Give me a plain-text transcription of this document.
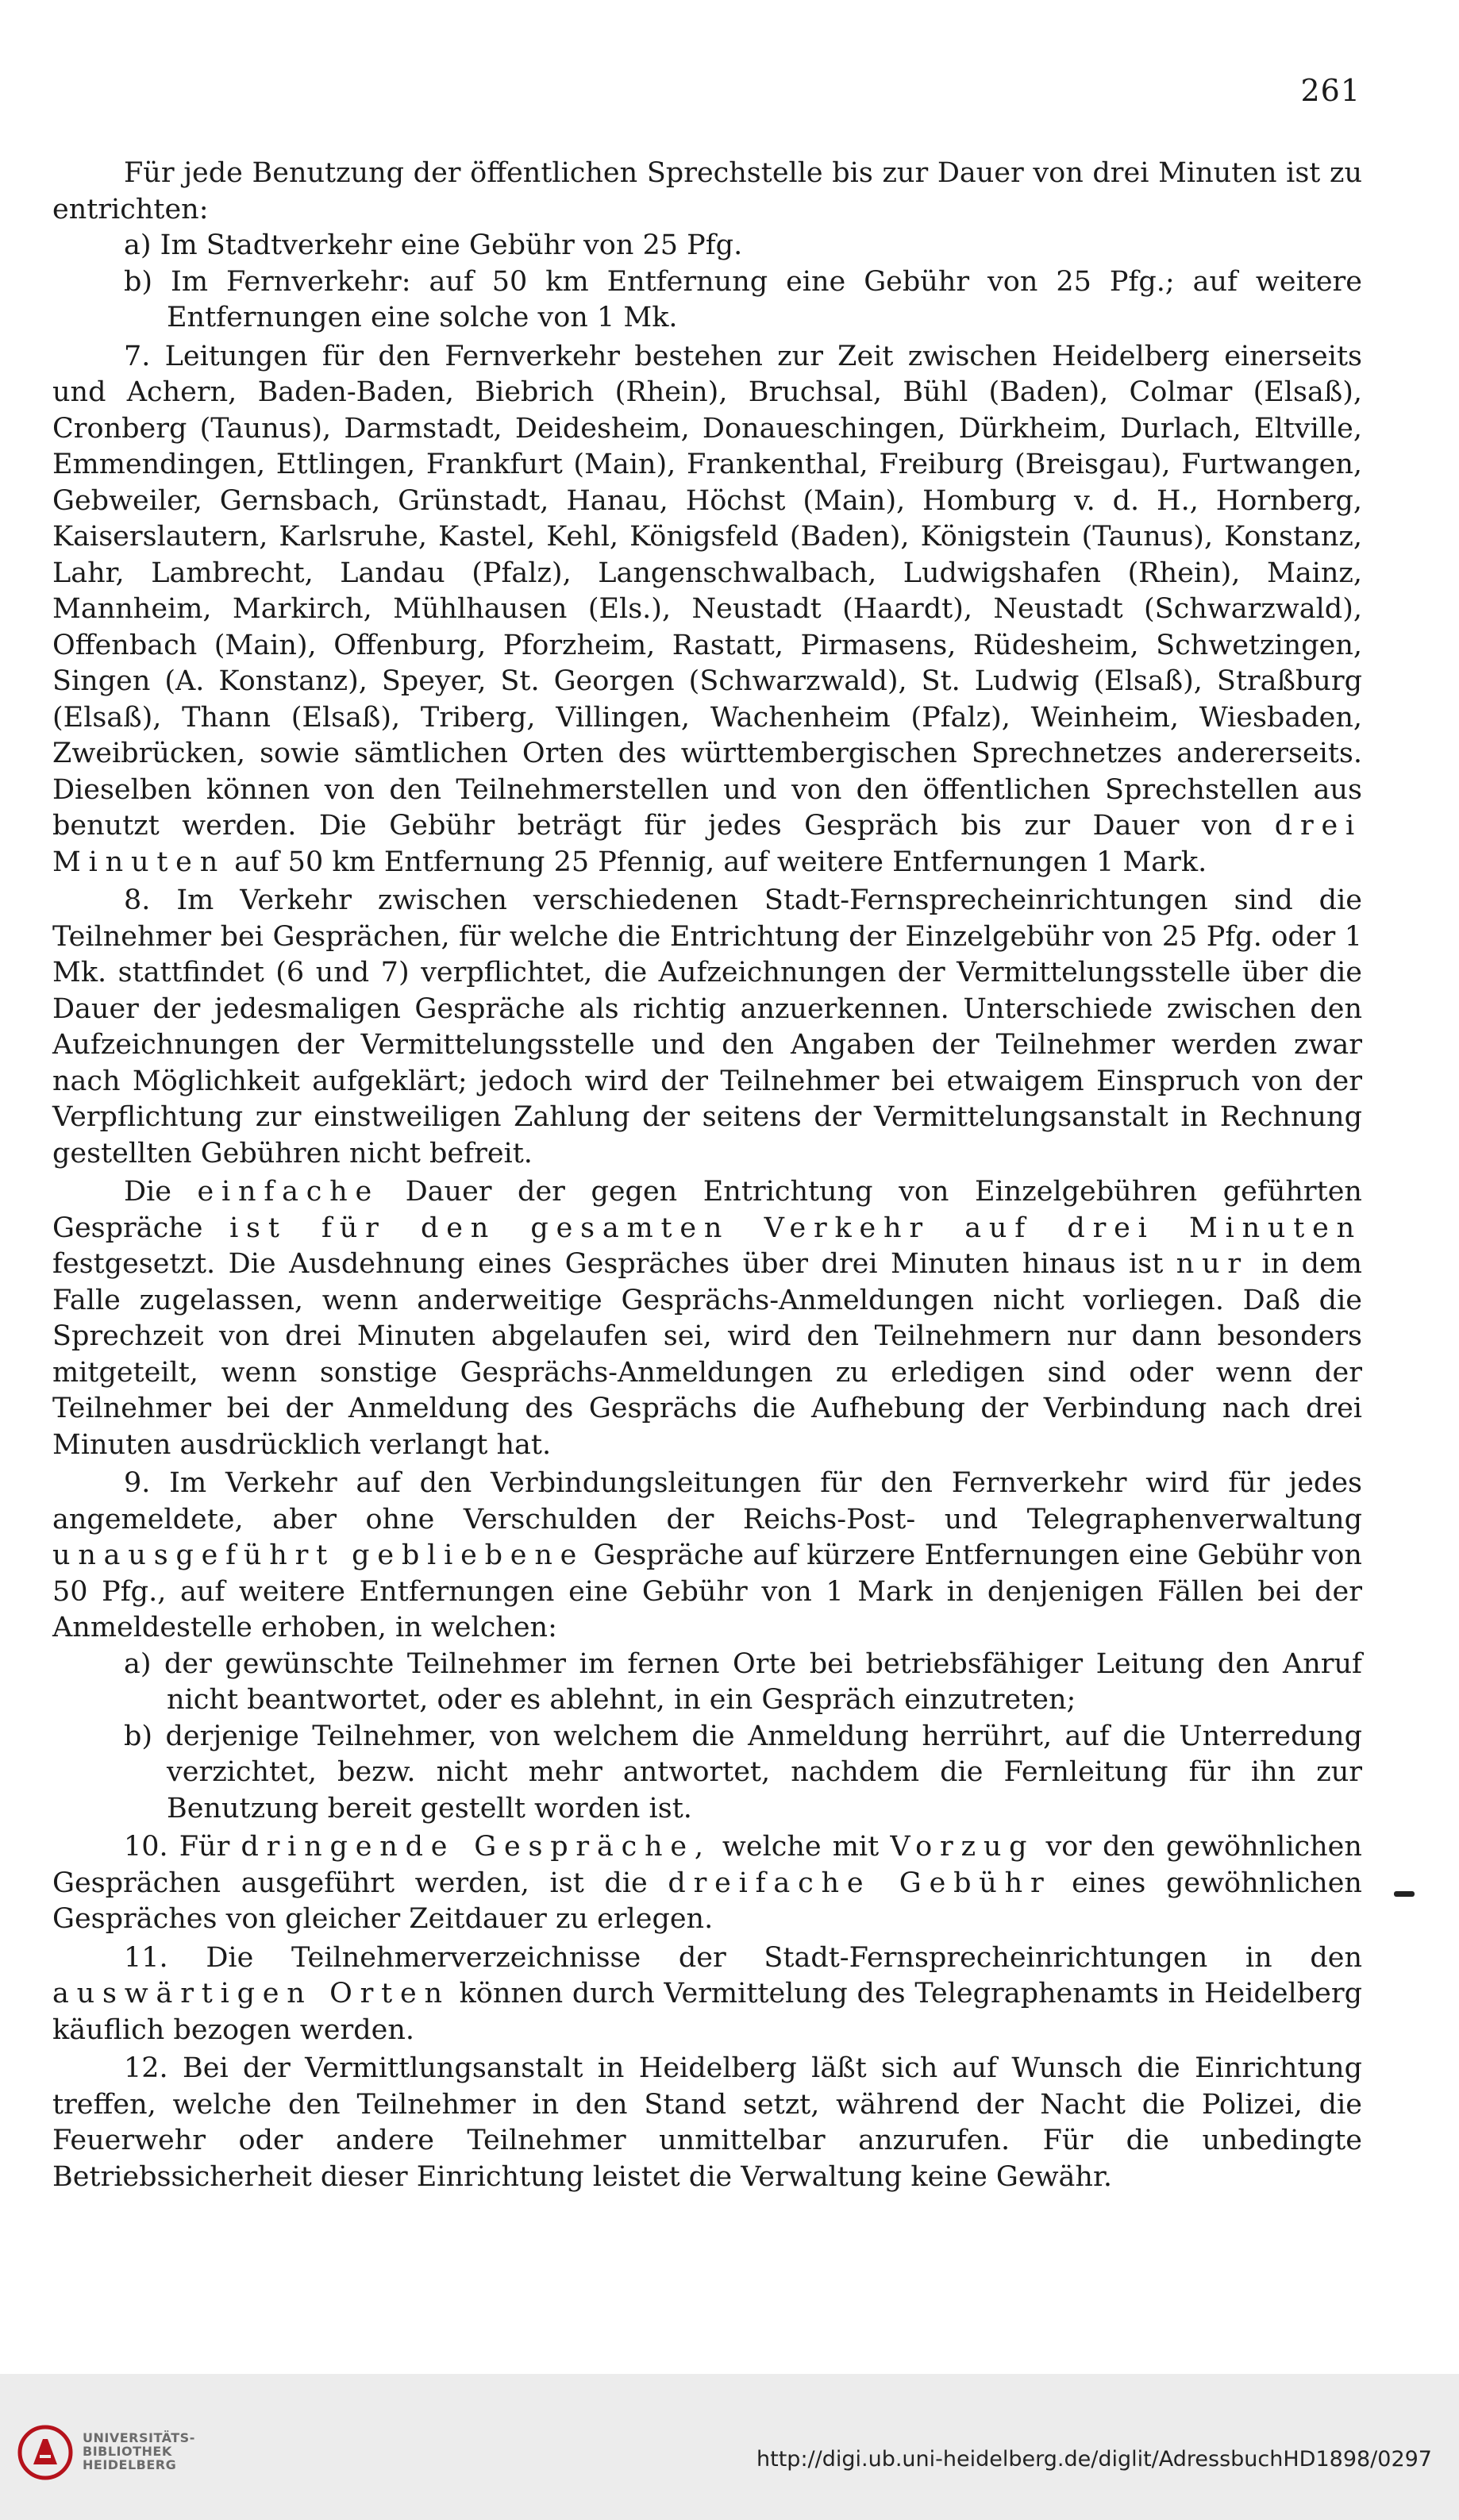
261

Für jede Benutzung der öffentlichen Sprechstelle bis zur Dauer von drei Minuten ist zu entrichten:

a) Im Stadtverkehr eine Gebühr von 25 Pfg.

b) Im Fernverkehr: auf 50 km Entfernung eine Gebühr von 25 Pfg.; auf weitere Entfernungen eine solche von 1 Mk.

7. Leitungen für den Fernverkehr bestehen zur Zeit zwischen Heidelberg einerseits und Achern, Baden-Baden, Biebrich (Rhein), Bruchsal, Bühl (Baden), Colmar (Elsaß), Cronberg (Taunus), Darmstadt, Deidesheim, Donaueschingen, Dürkheim, Durlach, Eltville, Emmendingen, Ettlingen, Frankfurt (Main), Frankenthal, Freiburg (Breisgau), Furtwangen, Gebweiler, Gernsbach, Grünstadt, Hanau, Höchst (Main), Homburg v. d. H., Hornberg, Kaiserslautern, Karlsruhe, Kastel, Kehl, Königsfeld (Baden), Königstein (Taunus), Konstanz, Lahr, Lambrecht, Landau (Pfalz), Langenschwalbach, Ludwigshafen (Rhein), Mainz, Mannheim, Markirch, Mühlhausen (Els.), Neustadt (Haardt), Neustadt (Schwarzwald), Offenbach (Main), Offenburg, Pforzheim, Rastatt, Pirmasens, Rüdesheim, Schwetzingen, Singen (A. Konstanz), Speyer, St. Georgen (Schwarzwald), St. Ludwig (Elsaß), Straßburg (Elsaß), Thann (Elsaß), Triberg, Villingen, Wachenheim (Pfalz), Weinheim, Wiesbaden, Zweibrücken, sowie sämtlichen Orten des württembergischen Sprechnetzes andererseits. Dieselben können von den Teilnehmerstellen und von den öffentlichen Sprechstellen aus benutzt werden. Die Gebühr beträgt für jedes Gespräch bis zur Dauer von drei Minuten auf 50 km Entfernung 25 Pfennig, auf weitere Entfernungen 1 Mark.

8. Im Verkehr zwischen verschiedenen Stadt-Fernsprecheinrichtungen sind die Teilnehmer bei Gesprächen, für welche die Entrichtung der Einzelgebühr von 25 Pfg. oder 1 Mk. stattfindet (6 und 7) verpflichtet, die Aufzeichnungen der Vermittelungsstelle über die Dauer der jedesmaligen Gespräche als richtig anzuerkennen. Unterschiede zwischen den Aufzeichnungen der Vermittelungsstelle und den Angaben der Teilnehmer werden zwar nach Möglichkeit aufgeklärt; jedoch wird der Teilnehmer bei etwaigem Einspruch von der Verpflichtung zur einstweiligen Zahlung der seitens der Vermittelungsanstalt in Rechnung gestellten Gebühren nicht befreit.

Die einfache Dauer der gegen Entrichtung von Einzelgebühren geführten Gespräche ist für den gesamten Verkehr auf drei Minuten festgesetzt. Die Ausdehnung eines Gespräches über drei Minuten hinaus ist nur in dem Falle zugelassen, wenn anderweitige Gesprächs-Anmeldungen nicht vorliegen. Daß die Sprechzeit von drei Minuten abgelaufen sei, wird den Teilnehmern nur dann besonders mitgeteilt, wenn sonstige Gesprächs-Anmeldungen zu erledigen sind oder wenn der Teilnehmer bei der Anmeldung des Gesprächs die Aufhebung der Verbindung nach drei Minuten ausdrücklich verlangt hat.

9. Im Verkehr auf den Verbindungsleitungen für den Fernverkehr wird für jedes angemeldete, aber ohne Verschulden der Reichs-Post- und Telegraphenverwaltung unausgeführt gebliebene Gespräche auf kürzere Entfernungen eine Gebühr von 50 Pfg., auf weitere Entfernungen eine Gebühr von 1 Mark in denjenigen Fällen bei der Anmeldestelle erhoben, in welchen:

a) der gewünschte Teilnehmer im fernen Orte bei betriebsfähiger Leitung den Anruf nicht beantwortet, oder es ablehnt, in ein Gespräch einzutreten;

b) derjenige Teilnehmer, von welchem die Anmeldung herrührt, auf die Unterredung verzichtet, bezw. nicht mehr antwortet, nachdem die Fernleitung für ihn zur Benutzung bereit gestellt worden ist.

10. Für dringende Gespräche, welche mit Vorzug vor den gewöhnlichen Gesprächen ausgeführt werden, ist die dreifache Gebühr eines gewöhnlichen Gespräches von gleicher Zeitdauer zu erlegen.

11. Die Teilnehmerverzeichnisse der Stadt-Fernsprecheinrichtungen in den auswärtigen Orten können durch Vermittelung des Telegraphenamts in Heidelberg käuflich bezogen werden.

12. Bei der Vermittlungsanstalt in Heidelberg läßt sich auf Wunsch die Einrichtung treffen, welche den Teilnehmer in den Stand setzt, während der Nacht die Polizei, die Feuerwehr oder andere Teilnehmer unmittelbar anzurufen. Für die unbedingte Betriebssicherheit dieser Einrichtung leistet die Verwaltung keine Gewähr.

UNIVERSITÄTS-
BIBLIOTHEK
HEIDELBERG	http://digi.ub.uni-heidelberg.de/diglit/AdressbuchHD1898/0297
